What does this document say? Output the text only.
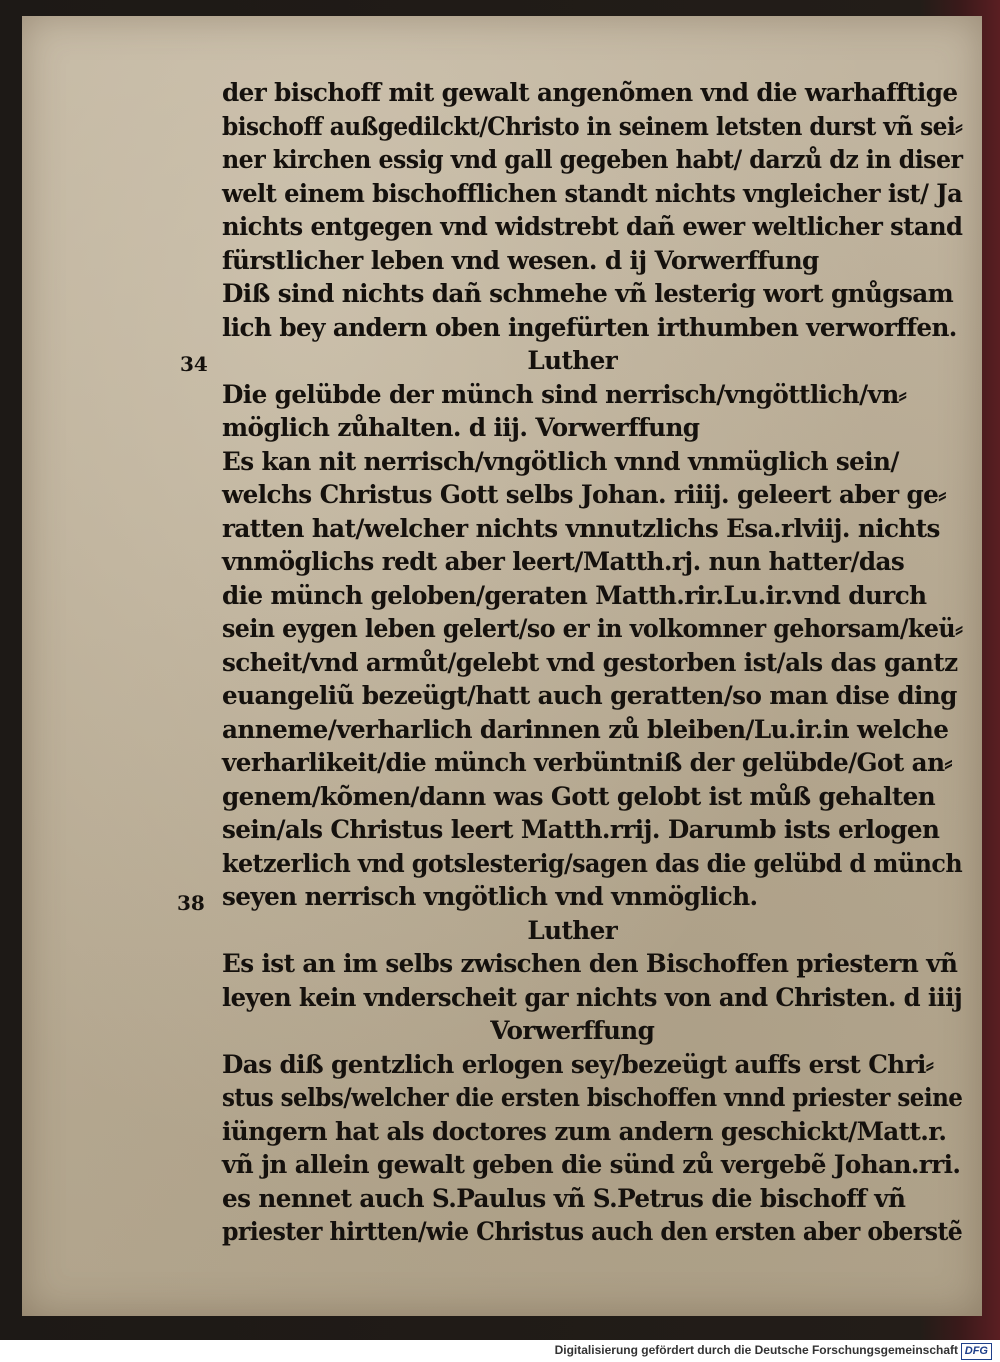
34
38
der bischoff mit gewalt angenõmen vnd die warhafftige
bischoff außgedilckt/Christo in seinem letsten durst vñ sei⸗
ner kirchen essig vnd gall gegeben habt/ darzů dz in diser
welt einem bischofflichen standt nichts vngleicher ist/ Ja
nichts entgegen vnd widstrebt dañ ewer weltlicher stand
fürstlicher leben vnd wesen. d ij Vorwerffung
Diß sind nichts dañ schmehe vñ lesterig wort gnůgsam
lich bey andern oben ingefürten irthumben verworffen.
Luther
Die gelübde der münch sind nerrisch/vngöttlich/vn⸗
möglich zůhalten. d iij. Vorwerffung
Es kan nit nerrisch/vngötlich vnnd vnmüglich sein/
welchs Christus Gott selbs Johan. riiij. geleert aber ge⸗
ratten hat/welcher nichts vnnutzlichs Esa.rlviij. nichts
vnmöglichs redt aber leert/Matth.rj. nun hatter/das
die münch geloben/geraten Matth.rir.Lu.ir.vnd durch
sein eygen leben gelert/so er in volkomner gehorsam/keü⸗
scheit/vnd armůt/gelebt vnd gestorben ist/als das gantz
euangeliũ bezeügt/hatt auch geratten/so man dise ding
anneme/verharlich darinnen zů bleiben/Lu.ir.in welche
verharlikeit/die münch verbüntniß der gelübde/Got an⸗
genem/kõmen/dann was Gott gelobt ist můß gehalten
sein/als Christus leert Matth.rrij. Darumb ists erlogen
ketzerlich vnd gotslesterig/sagen das die gelübd d münch
seyen nerrisch vngötlich vnd vnmöglich.
Luther
Es ist an im selbs zwischen den Bischoffen priestern vñ
leyen kein vnderscheit gar nichts von and Christen. d iiij
Vorwerffung
Das diß gentzlich erlogen sey/bezeügt auffs erst Chri⸗
stus selbs/welcher die ersten bischoffen vnnd priester seine
iüngern hat als doctores zum andern geschickt/Matt.r.
vñ jn allein gewalt geben die sünd zů vergebẽ Johan.rri.
es nennet auch S.Paulus vñ S.Petrus die bischoff vñ
priester hirtten/wie Christus auch den ersten aber oberstẽ
Digitalisierung gefördert durch die Deutsche Forschungsgemeinschaft DFG
